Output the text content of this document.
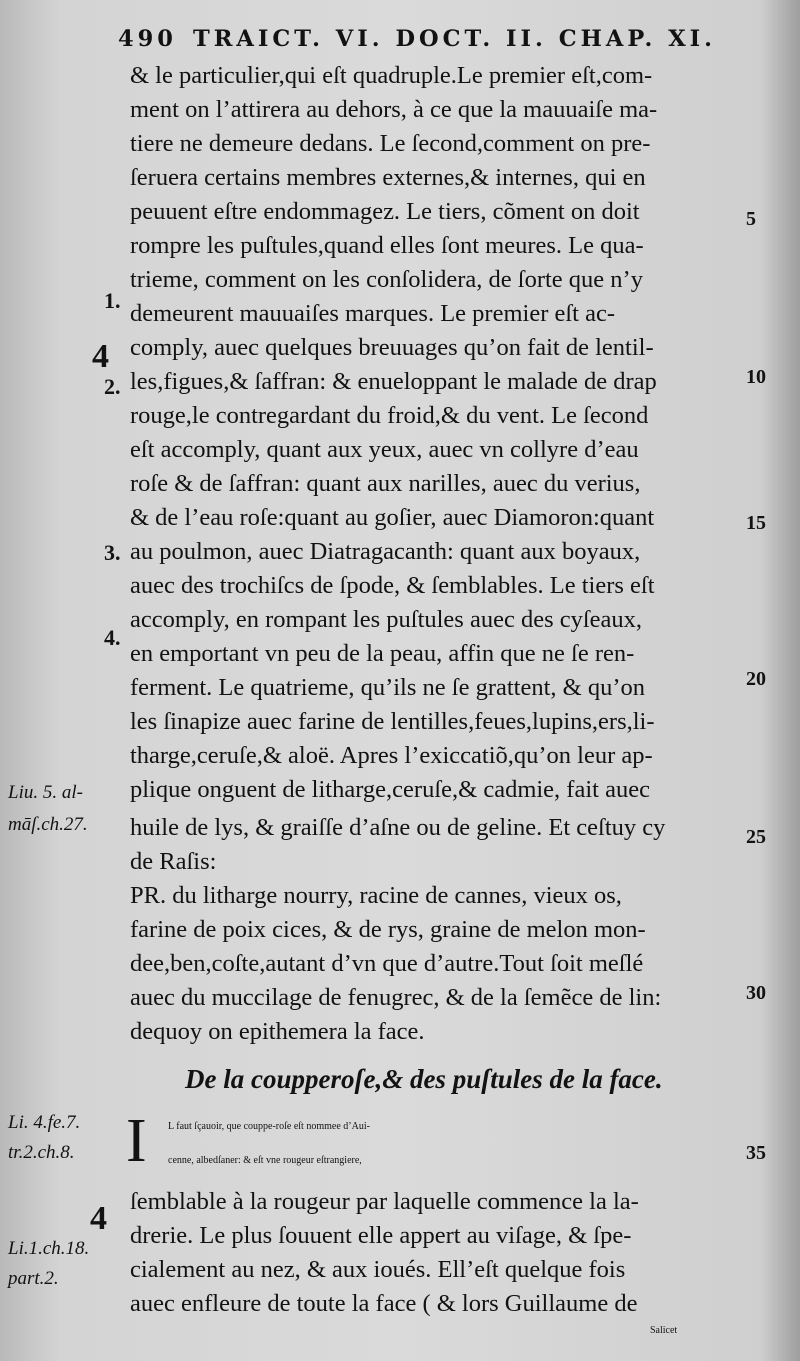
490 TRAICT. VI. DOCT. II. CHAP. XI.
& le particulier,qui eſt quadruple.Le premier eſt,com-
ment on l’attirera au dehors, à ce que la mauuaiſe ma-
tiere ne demeure dedans. Le ſecond,comment on pre-
ſeruera certains membres externes,& internes, qui en
peuuent eſtre endommagez. Le tiers, cõment on doit
rompre les puſtules,quand elles ſont meures. Le qua-
trieme, comment on les conſolidera, de ſorte que n’y
demeurent mauuaiſes marques. Le premier eſt ac-
comply, auec quelques breuuages qu’on fait de lentil-
les,figues,& ſaffran: & enueloppant le malade de drap
rouge,le contregardant du froid,& du vent. Le ſecond
eſt accomply, quant aux yeux, auec vn collyre d’eau
roſe & de ſaffran: quant aux narilles, auec du verius,
& de l’eau roſe:quant au goſier, auec Diamoron:quant
au poulmon, auec Diatragacanth: quant aux boyaux,
auec des trochiſcs de ſpode, & ſemblables. Le tiers eſt
accomply, en rompant les puſtules auec des cyſeaux,
en emportant vn peu de la peau, affin que ne ſe ren-
ferment. Le quatrieme, qu’ils ne ſe grattent, & qu’on
les ſinapize auec farine de lentilles,feues,lupins,ers,li-
tharge,ceruſe,& aloë. Apres l’exiccatiõ,qu’on leur ap-
plique onguent de litharge,ceruſe,& cadmie, fait auec
huile de lys, & graiſſe d’aſne ou de geline. Et ceſtuy cy
de Raſis:
PR. du litharge nourry, racine de cannes, vieux os,
farine de poix cices, & de rys, graine de melon mon-
dee,ben,coſte,autant d’vn que d’autre.Tout ſoit meſlé
auec du muccilage de fenugrec, & de la ſemẽce de lin:
dequoy on epithemera la face.
De la coupperoſe,& des puſtules de la face.
I L faut ſçauoir, que couppe-roſe eſt nommee d’Aui-
cenne, albedſaner: & eſt vne rougeur eſtrangiere,
ſemblable à la rougeur par laquelle commence la la-
drerie. Le plus ſouuent elle appert au viſage, & ſpe-
cialement au nez, & aux ioués. Ell’eſt quelque fois
auec enfleure de toute la face ( & lors Guillaume de
Salicet
1.
2.
3.
4.
5
10
15
20
25
30
35
Liu. 5. al-
māſ.ch.27.
Li. 4.fe.7.
tr.2.ch.8.
Li.1.ch.18.
part.2.
4
4
